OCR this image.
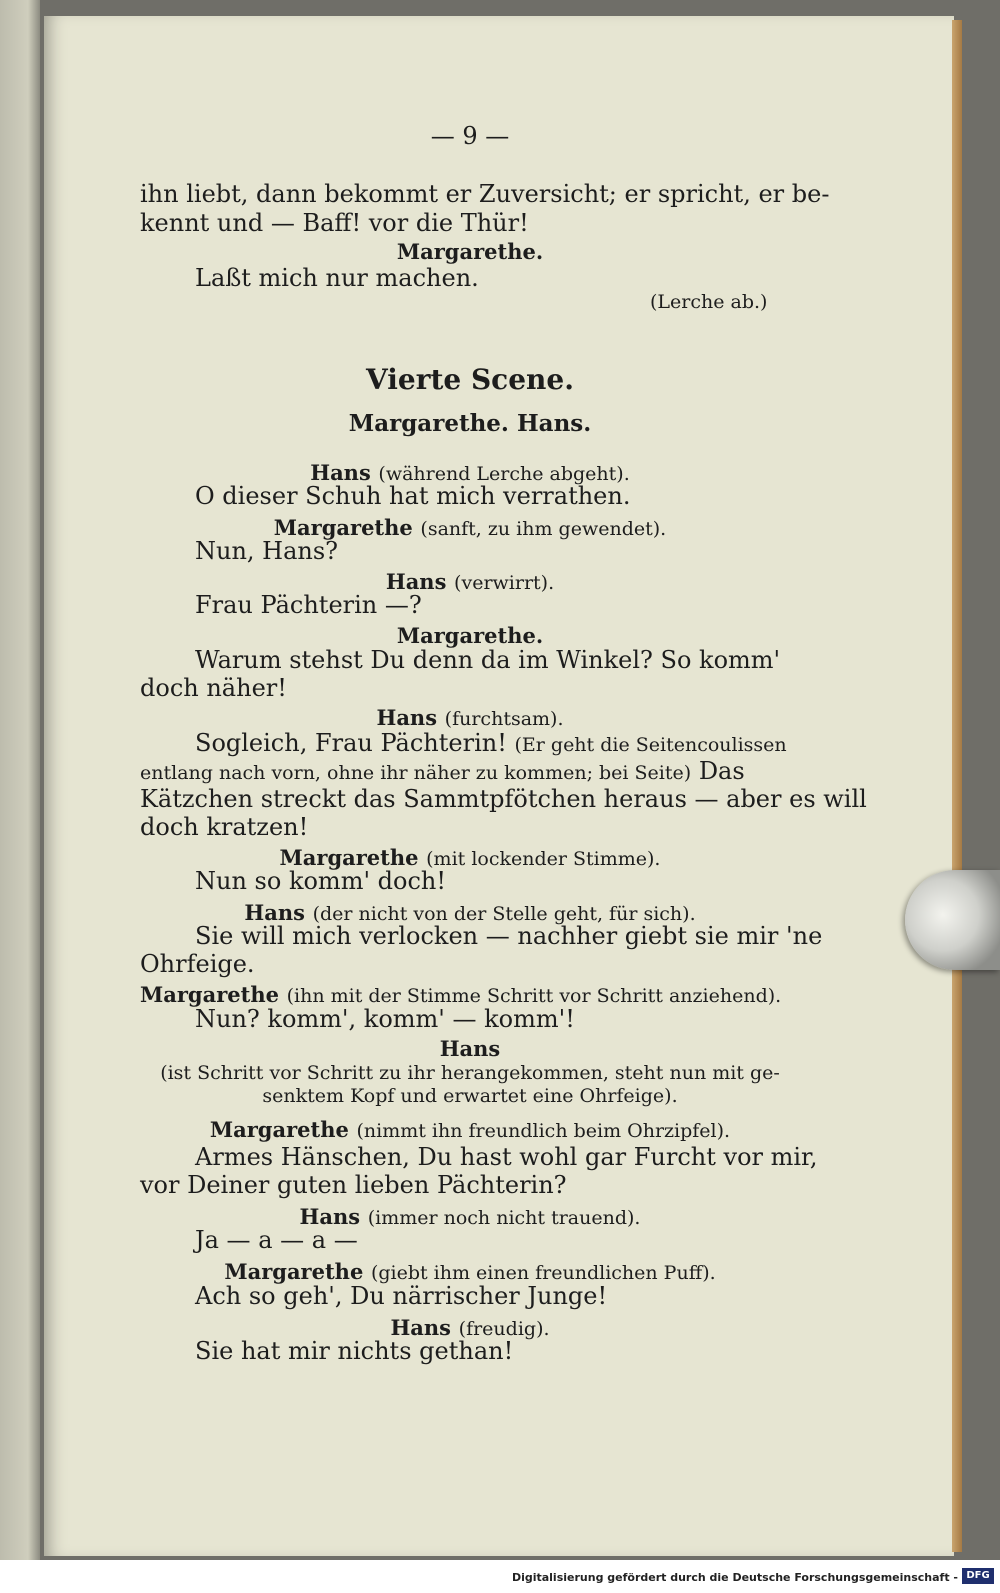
— 9 —
ihn liebt, dann bekommt er Zuversicht; er spricht, er be-
kennt und — Baff! vor die Thür!
Margarethe.
Laßt mich nur machen.
(Lerche ab.)
Vierte Scene.
Margarethe. Hans.
Hans (während Lerche abgeht).
O dieser Schuh hat mich verrathen.
Margarethe (sanft, zu ihm gewendet).
Nun, Hans?
Hans (verwirrt).
Frau Pächterin —?
Margarethe.
Warum stehst Du denn da im Winkel? So komm'
doch näher!
Hans (furchtsam).
Sogleich, Frau Pächterin! (Er geht die Seitencoulissen
entlang nach vorn, ohne ihr näher zu kommen; bei Seite) Das
Kätzchen streckt das Sammtpfötchen heraus — aber es will
doch kratzen!
Margarethe (mit lockender Stimme).
Nun so komm' doch!
Hans (der nicht von der Stelle geht, für sich).
Sie will mich verlocken — nachher giebt sie mir 'ne
Ohrfeige.
Margarethe (ihn mit der Stimme Schritt vor Schritt anziehend).
Nun? komm', komm' — komm'!
Hans
(ist Schritt vor Schritt zu ihr herangekommen, steht nun mit ge-
senktem Kopf und erwartet eine Ohrfeige).
Margarethe (nimmt ihn freundlich beim Ohrzipfel).
Armes Hänschen, Du hast wohl gar Furcht vor mir,
vor Deiner guten lieben Pächterin?
Hans (immer noch nicht trauend).
Ja — a — a —
Margarethe (giebt ihm einen freundlichen Puff).
Ach so geh', Du närrischer Junge!
Hans (freudig).
Sie hat mir nichts gethan!
Digitalisierung gefördert durch die Deutsche Forschungsgemeinschaft - DFG
